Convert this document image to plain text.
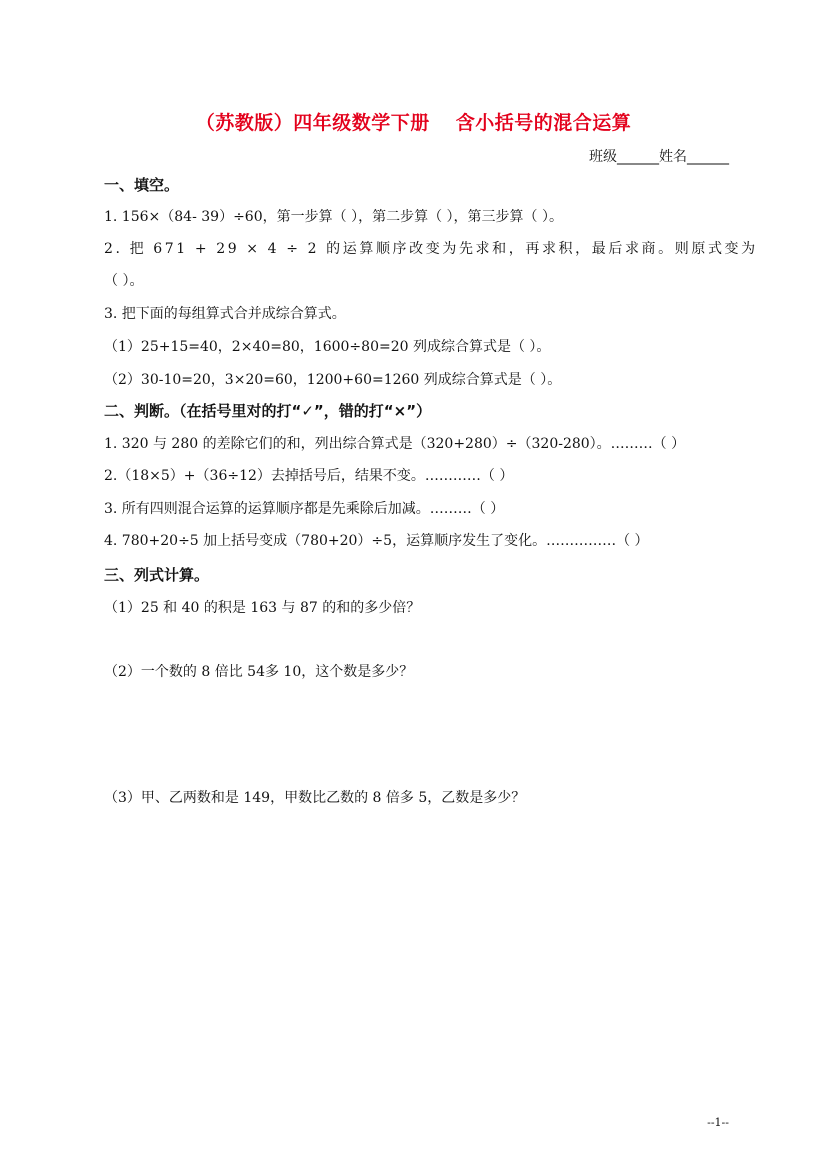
（苏教版）四年级数学下册 含小括号的混合运算
班级______姓名______
一、填空。
1. 156×（84- 39）÷60，第一步算（ ），第二步算（ ），第三步算（ ）。
2. 把 671 + 29 × 4 ÷ 2 的运算顺序改变为先求和，再求积，最后求商。则原式变为
（ ）。
3. 把下面的每组算式合并成综合算式。
（1）25+15=40，2×40=80，1600÷80=20 列成综合算式是（ ）。
（2）30-10=20，3×20=60，1200+60=1260 列成综合算式是（ ）。
二、判断。（在括号里对的打“✓”，错的打“×”）
1. 320 与 280 的差除它们的和，列出综合算式是（320+280）÷（320-280）。………（ ）
2.（18×5）+（36÷12）去掉括号后，结果不变。…………（ ）
3. 所有四则混合运算的运算顺序都是先乘除后加减。………（ ）
4. 780+20÷5 加上括号变成（780+20）÷5，运算顺序发生了变化。……………（ ）
三、列式计算。
（1）25 和 40 的积是 163 与 87 的和的多少倍？
（2）一个数的 8 倍比 54多 10，这个数是多少？
（3）甲、乙两数和是 149，甲数比乙数的 8 倍多 5，乙数是多少？
--1--
